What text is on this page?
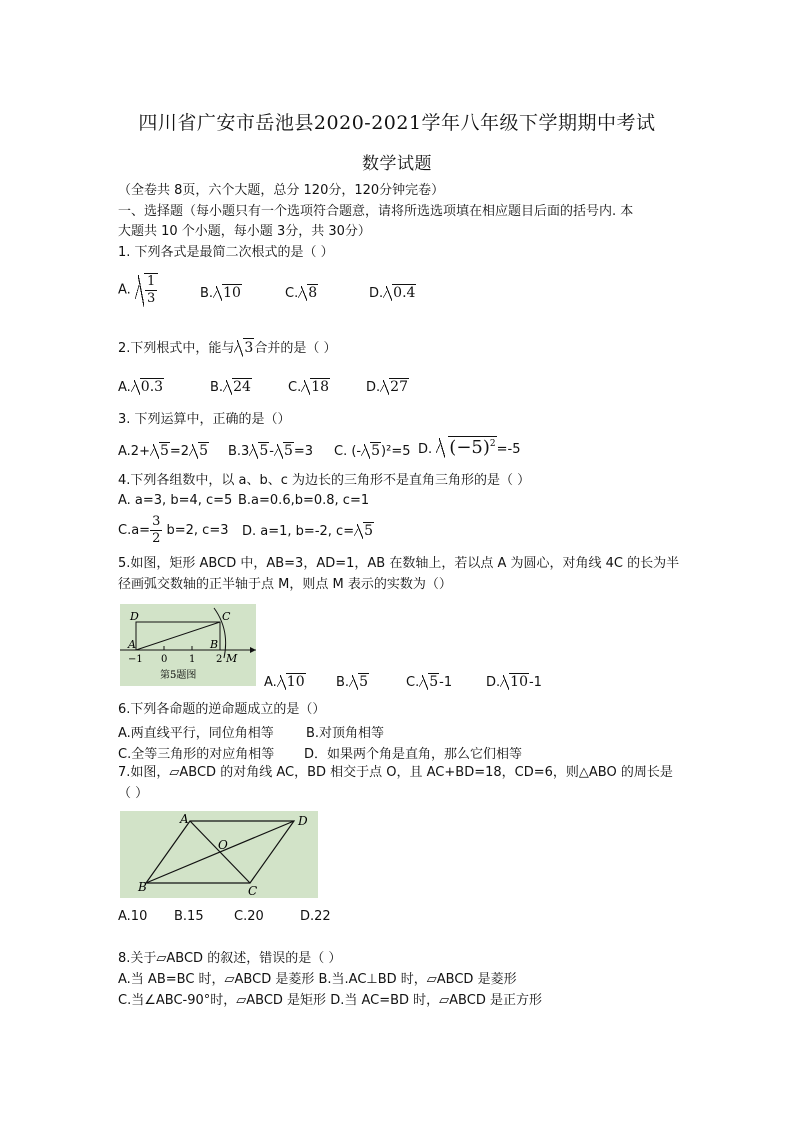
四川省广安市岳池县2020-2021学年八年级下学期期中考试
数学试题
（全卷共 8页，六个大题，总分 120分，120分钟完卷）
一、选择题（每小题只有一个选项符合题意，请将所选选项填在相应题目后面的括号内. 本
大题共 10 个小题，每小题 3分，共 30分）
1. 下列各式是最简二次根式的是（ ）
A. $\frac{1}{3}$	B. 10	C. 8	D. 0.4
2.下列根式中，能与 3合并的是（ ）
A. 0.3	B. 24	C. 18	D. 27
3. 下列运算中，正确的是（）
A.2+ 5=2 5 B.3 5- 5=3 C. (- 5)²=5 D. $(-5)^2=-5$
4.下列各组数中，以 a、b、c 为边长的三角形不是直角三角形的是（ ）
A. a=3, b=4, c=5 B.a=0.6,b=0.8, c=1
$C.a= \frac{3}{2} b=2$, c=3 D. a=1, b=-2, c= 5
5.如图，矩形 ABCD 中，AB=3，AD=1，AB 在数轴上，若以点 A 为圆心，对角线 4C 的长为半
径画弧交数轴的正半轴于点 M，则点 M 表示的实数为（）
D	C
A	B
M
−1 0 1 2
第5题图	A. 10 B. 5	C. 5-1	D. 10-1
6.下列各命题的逆命题成立的是（）
A.两直线平行，同位角相等 B.对顶角相等
C.全等三角形的对应角相等 D．如果两个角是直角，那么它们相等
7.如图，▱ABCD 的对角线 AC，BD 相交于点 O，且 AC+BD=18，CD=6，则△ABO 的周长是
（ ）
A	D
O
B	C
A.10 B.15 C.20	D.22
8.关于▱ABCD 的叙述，错误的是（ ）
A.当 AB=BC 时，▱ABCD 是菱形 B.当.AC⊥BD 时，▱ABCD 是菱形
C.当∠ABC-90°时，▱ABCD 是矩形 D.当 AC=BD 时，▱ABCD 是正方形
